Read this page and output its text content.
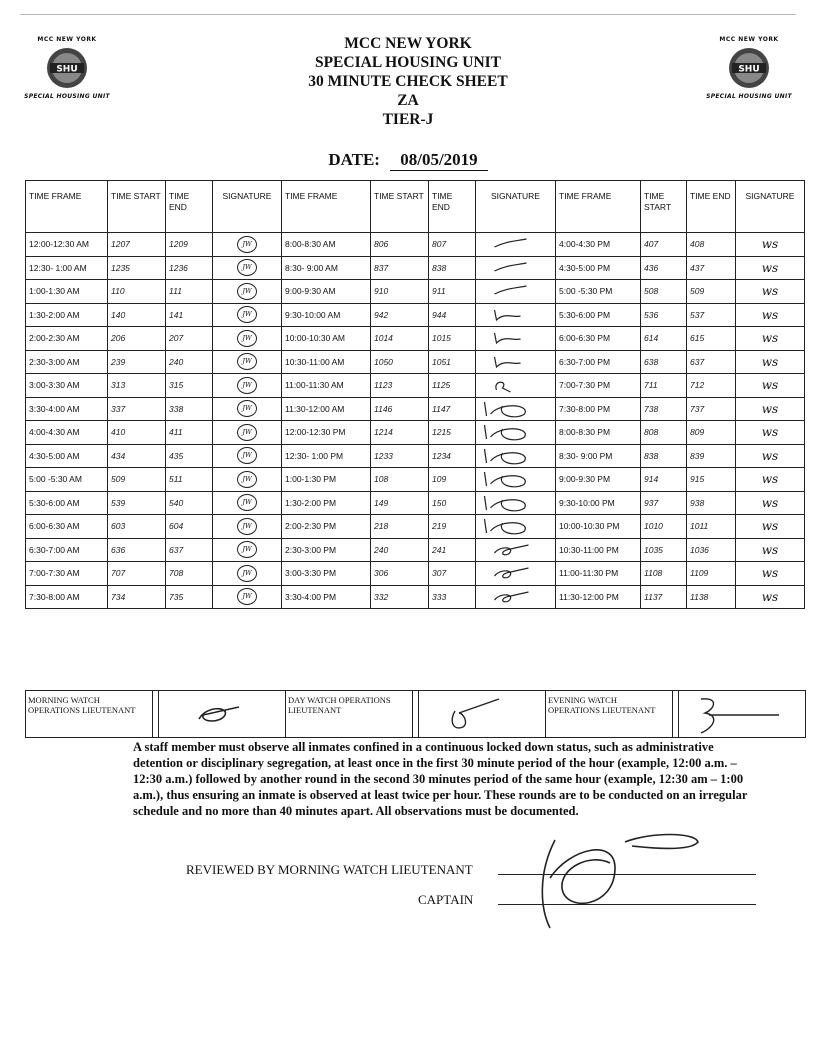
MCC NEW YORK
SHU
SPECIAL HOUSING UNIT
MCC NEW YORK
SHU
SPECIAL HOUSING UNIT
MCC NEW YORK
SPECIAL HOUSING UNIT
30 MINUTE CHECK SHEET
ZA
TIER-J
DATE: 08/05/2019
TIME FRAME	TIME START	TIME END	SIGNATURE	TIME FRAME	TIME START	TIME END	SIGNATURE	TIME FRAME	TIME START	TIME END	SIGNATURE
12:00-12:30 AM	1207	1209	JW	8:00-8:30 AM	806	807		4:00-4:30 PM	407	408	ws
12:30- 1:00 AM	1235	1236	JW	8:30- 9:00 AM	837	838		4:30-5:00 PM	436	437	ws
1:00-1:30 AM	110	111	JW	9:00-9:30 AM	910	911		5:00 -5:30 PM	508	509	ws
1:30-2:00 AM	140	141	JW	9:30-10:00 AM	942	944		5:30-6:00 PM	536	537	ws
2:00-2:30 AM	206	207	JW	10:00-10:30 AM	1014	1015		6:00-6:30 PM	614	615	ws
2:30-3:00 AM	239	240	JW	10:30-11:00 AM	1050	1051		6:30-7:00 PM	638	637	ws
3:00-3:30 AM	313	315	JW	11:00-11:30 AM	1123	1125		7:00-7:30 PM	711	712	ws
3:30-4:00 AM	337	338	JW	11:30-12:00 AM	1146	1147		7:30-8:00 PM	738	737	ws
4:00-4:30 AM	410	411	JW	12:00-12:30 PM	1214	1215		8:00-8:30 PM	808	809	ws
4:30-5:00 AM	434	435	JW	12:30- 1:00 PM	1233	1234		8:30- 9:00 PM	838	839	ws
5:00 -5:30 AM	509	511	JW	1:00-1:30 PM	108	109		9:00-9:30 PM	914	915	ws
5:30-6:00 AM	539	540	JW	1:30-2:00 PM	149	150		9:30-10:00 PM	937	938	ws
6:00-6:30 AM	603	604	JW	2:00-2:30 PM	218	219		10:00-10:30 PM	1010	1011	ws
6:30-7:00 AM	636	637	JW	2:30-3:00 PM	240	241		10:30-11:00 PM	1035	1036	ws
7:00-7:30 AM	707	708	JW	3:00-3:30 PM	306	307		11:00-11:30 PM	1108	1109	ws
7:30-8:00 AM	734	735	JW	3:30-4:00 PM	332	333		11:30-12:00 PM	1137	1138	ws
MORNING WATCH OPERATIONS LIEUTENANT
DAY WATCH OPERATIONS LIEUTENANT
EVENING WATCH OPERATIONS LIEUTENANT
A staff member must observe all inmates confined in a continuous locked down status, such as administrative detention or disciplinary segregation, at least once in the first 30 minute period of the hour (example, 12:00 a.m. – 12:30 a.m.) followed by another round in the second 30 minutes period of the same hour (example, 12:30 am – 1:00 a.m.), thus ensuring an inmate is observed at least twice per hour. These rounds are to be conducted on an irregular schedule and no more than 40 minutes apart. All observations must be documented.
REVIEWED BY MORNING WATCH LIEUTENANT
CAPTAIN
